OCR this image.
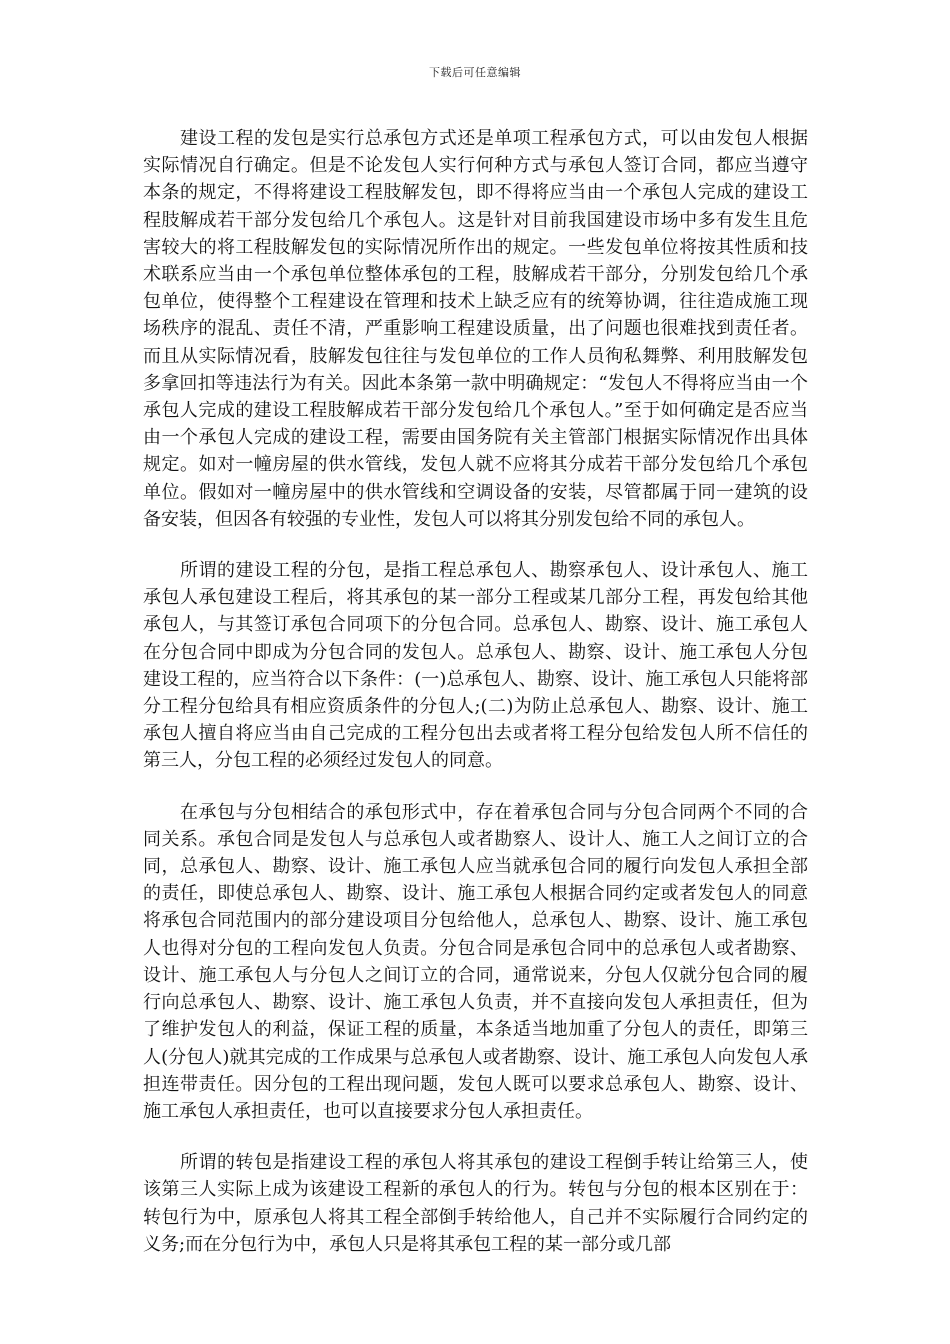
下载后可任意编辑

建设工程的发包是实行总承包方式还是单项工程承包方式，可以由发包人根据实际情况自行确定。但是不论发包人实行何种方式与承包人签订合同，都应当遵守本条的规定，不得将建设工程肢解发包，即不得将应当由一个承包人完成的建设工程肢解成若干部分发包给几个承包人。这是针对目前我国建设市场中多有发生且危害较大的将工程肢解发包的实际情况所作出的规定。一些发包单位将按其性质和技术联系应当由一个承包单位整体承包的工程，肢解成若干部分，分别发包给几个承包单位，使得整个工程建设在管理和技术上缺乏应有的统筹协调，往往造成施工现场秩序的混乱、责任不清，严重影响工程建设质量，出了问题也很难找到责任者。而且从实际情况看，肢解发包往往与发包单位的工作人员徇私舞弊、利用肢解发包多拿回扣等违法行为有关。因此本条第一款中明确规定：“发包人不得将应当由一个承包人完成的建设工程肢解成若干部分发包给几个承包人。”至于如何确定是否应当由一个承包人完成的建设工程，需要由国务院有关主管部门根据实际情况作出具体规定。如对一幢房屋的供水管线，发包人就不应将其分成若干部分发包给几个承包单位。假如对一幢房屋中的供水管线和空调设备的安装，尽管都属于同一建筑的设备安装，但因各有较强的专业性，发包人可以将其分别发包给不同的承包人。

所谓的建设工程的分包，是指工程总承包人、勘察承包人、设计承包人、施工承包人承包建设工程后，将其承包的某一部分工程或某几部分工程，再发包给其他承包人，与其签订承包合同项下的分包合同。总承包人、勘察、设计、施工承包人在分包合同中即成为分包合同的发包人。总承包人、勘察、设计、施工承包人分包建设工程的，应当符合以下条件：(一)总承包人、勘察、设计、施工承包人只能将部分工程分包给具有相应资质条件的分包人;(二)为防止总承包人、勘察、设计、施工承包人擅自将应当由自己完成的工程分包出去或者将工程分包给发包人所不信任的第三人，分包工程的必须经过发包人的同意。

在承包与分包相结合的承包形式中，存在着承包合同与分包合同两个不同的合同关系。承包合同是发包人与总承包人或者勘察人、设计人、施工人之间订立的合同，总承包人、勘察、设计、施工承包人应当就承包合同的履行向发包人承担全部的责任，即使总承包人、勘察、设计、施工承包人根据合同约定或者发包人的同意将承包合同范围内的部分建设项目分包给他人，总承包人、勘察、设计、施工承包人也得对分包的工程向发包人负责。分包合同是承包合同中的总承包人或者勘察、设计、施工承包人与分包人之间订立的合同，通常说来，分包人仅就分包合同的履行向总承包人、勘察、设计、施工承包人负责，并不直接向发包人承担责任，但为了维护发包人的利益，保证工程的质量，本条适当地加重了分包人的责任，即第三人(分包人)就其完成的工作成果与总承包人或者勘察、设计、施工承包人向发包人承担连带责任。因分包的工程出现问题，发包人既可以要求总承包人、勘察、设计、施工承包人承担责任，也可以直接要求分包人承担责任。

所谓的转包是指建设工程的承包人将其承包的建设工程倒手转让给第三人，使该第三人实际上成为该建设工程新的承包人的行为。转包与分包的根本区别在于：转包行为中，原承包人将其工程全部倒手转给他人，自己并不实际履行合同约定的义务;而在分包行为中，承包人只是将其承包工程的某一部分或几部
